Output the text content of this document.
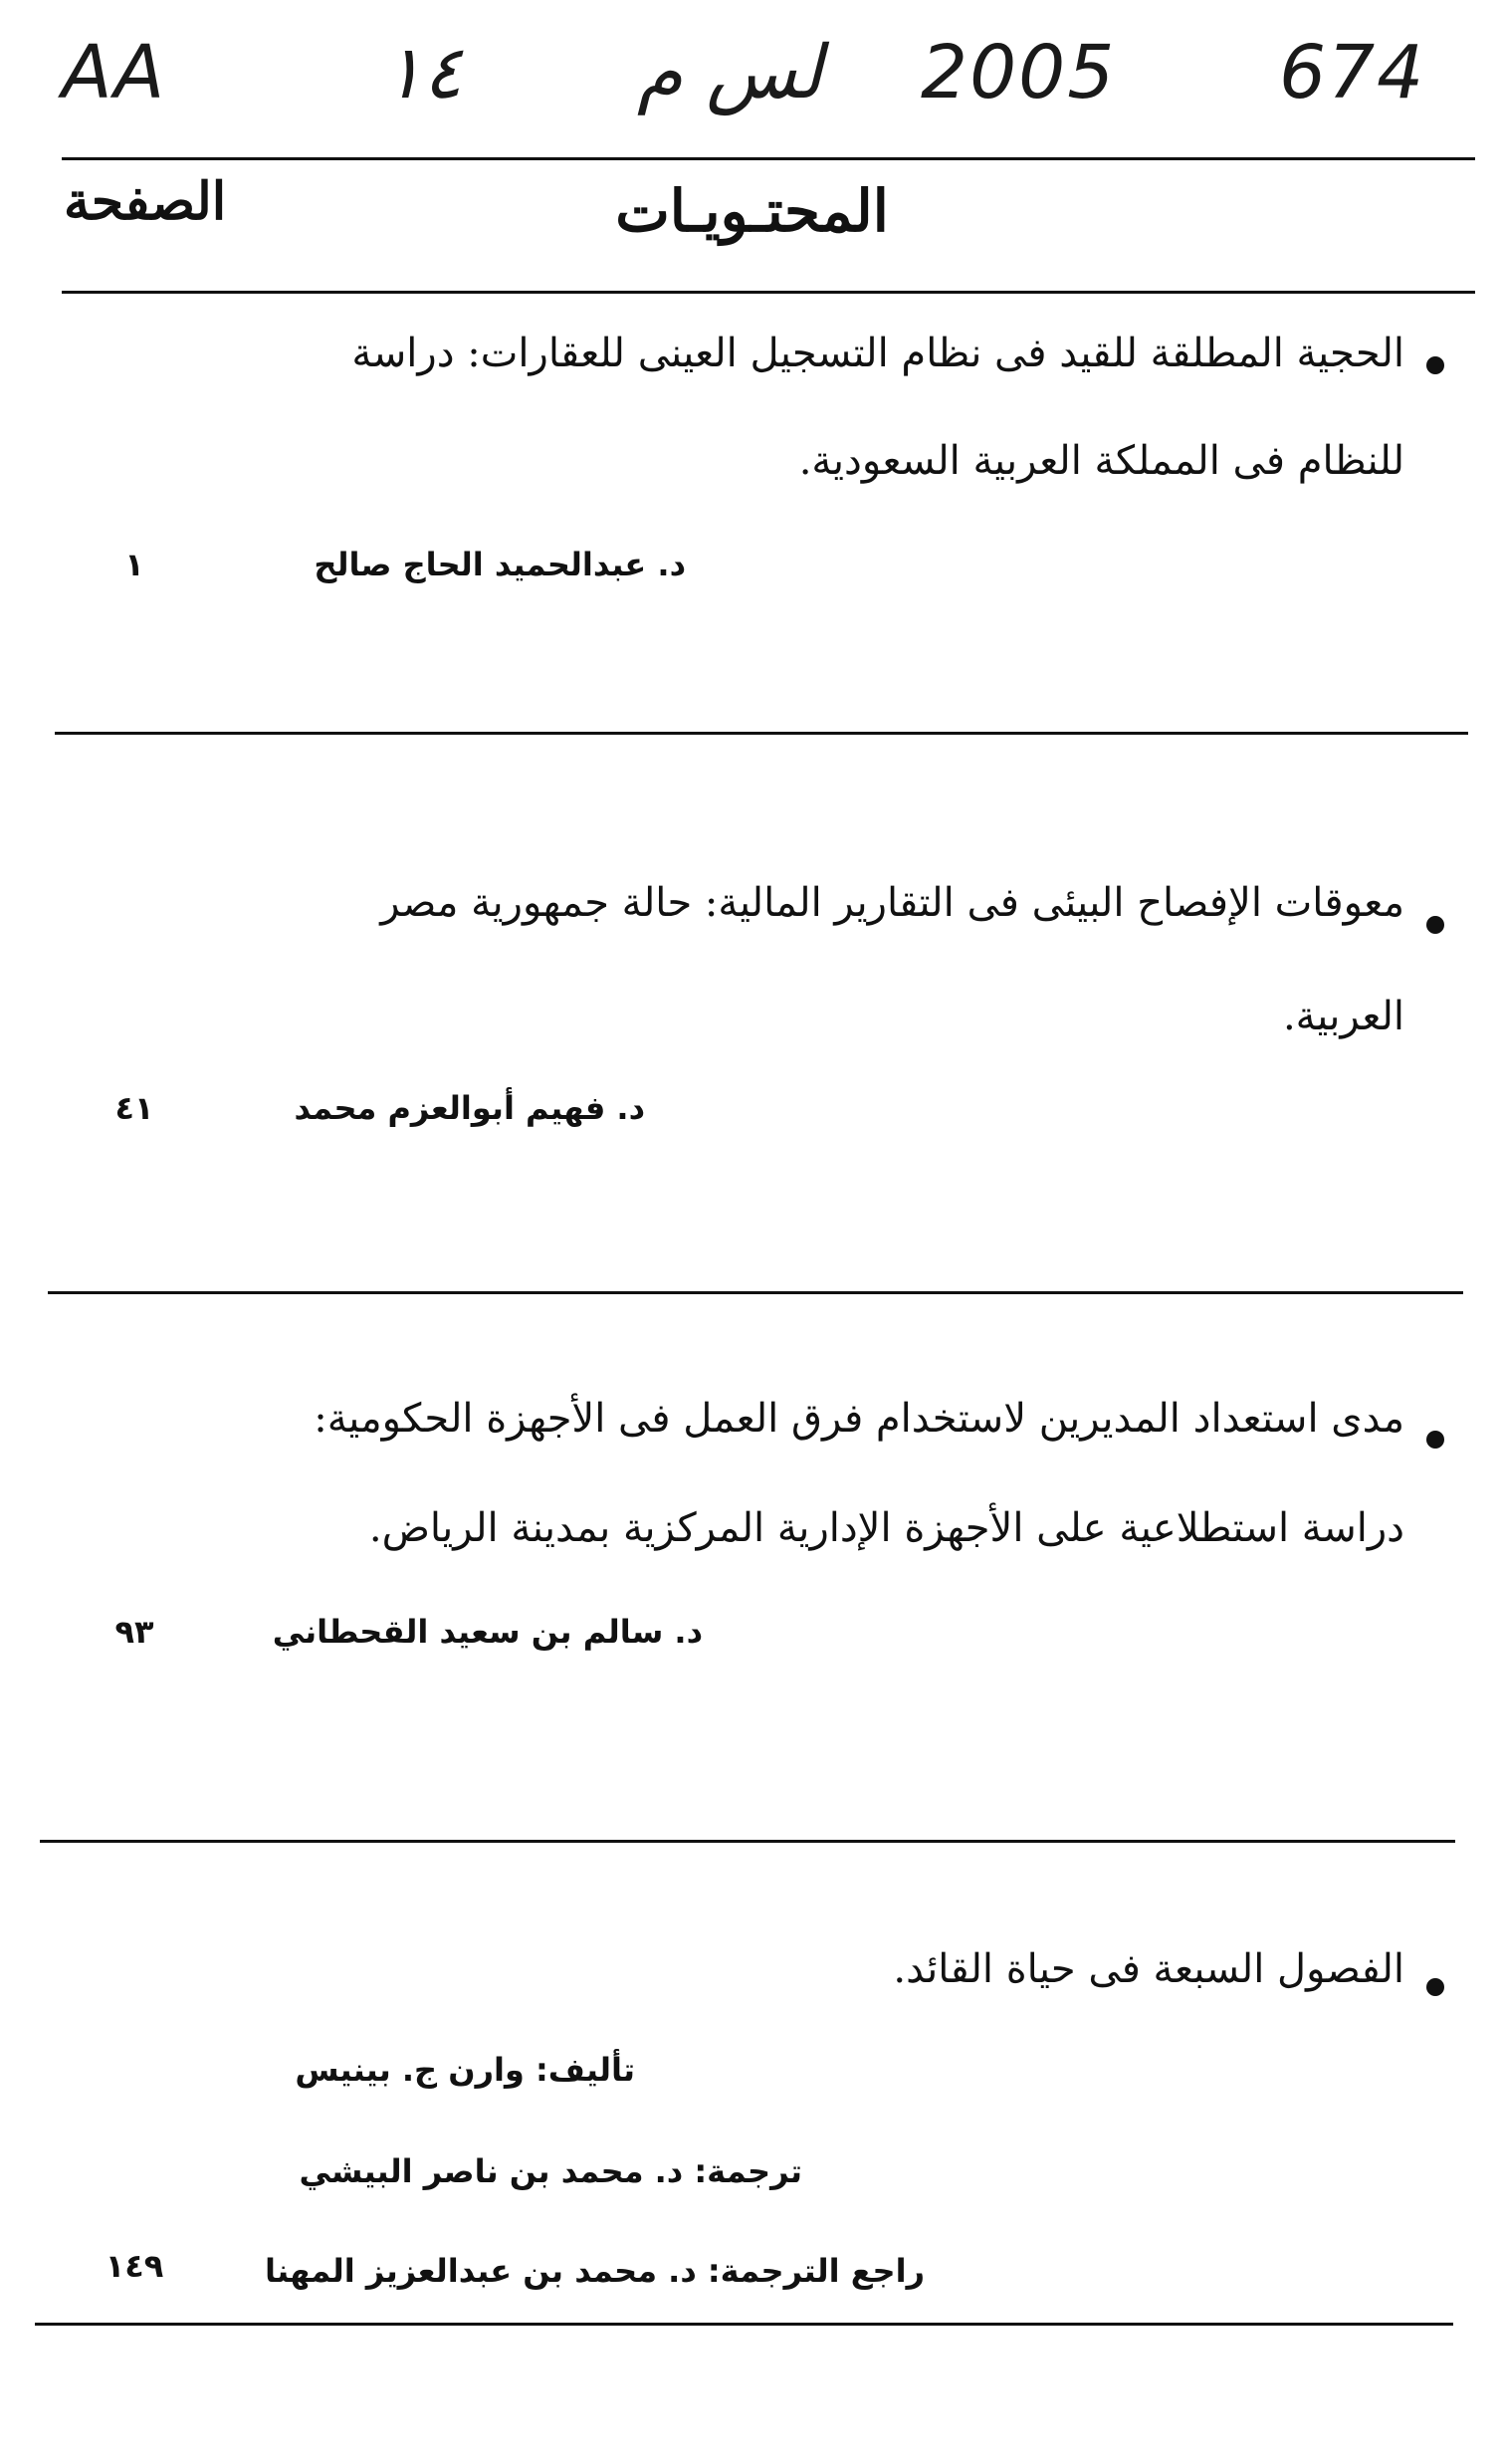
AA	١٤ ﻟﺲ م 2005 674
الصفحة	المحتـويـات
الحجية المطلقة للقيد فى نظام التسجيل العينى للعقارات: دراسة
للنظام فى المملكة العربية السعودية.
د. عبدالحميد الحاج صالح
١
معوقات الإفصاح البيئى فى التقارير المالية: حالة جمهورية مصر
العربية.
د. فهيم أبوالعزم محمد
٤١
مدى استعداد المديرين لاستخدام فرق العمل فى الأجهزة الحكومية:
دراسة استطلاعية على الأجهزة الإدارية المركزية بمدينة الرياض.
د. سالم بن سعيد القحطاني
٩٣
الفصول السبعة فى حياة القائد.
تأليف: وارن ج. بينيس
ترجمة: د. محمد بن ناصر البيشي
راجع الترجمة: د. محمد بن عبدالعزيز المهنا
١٤٩
